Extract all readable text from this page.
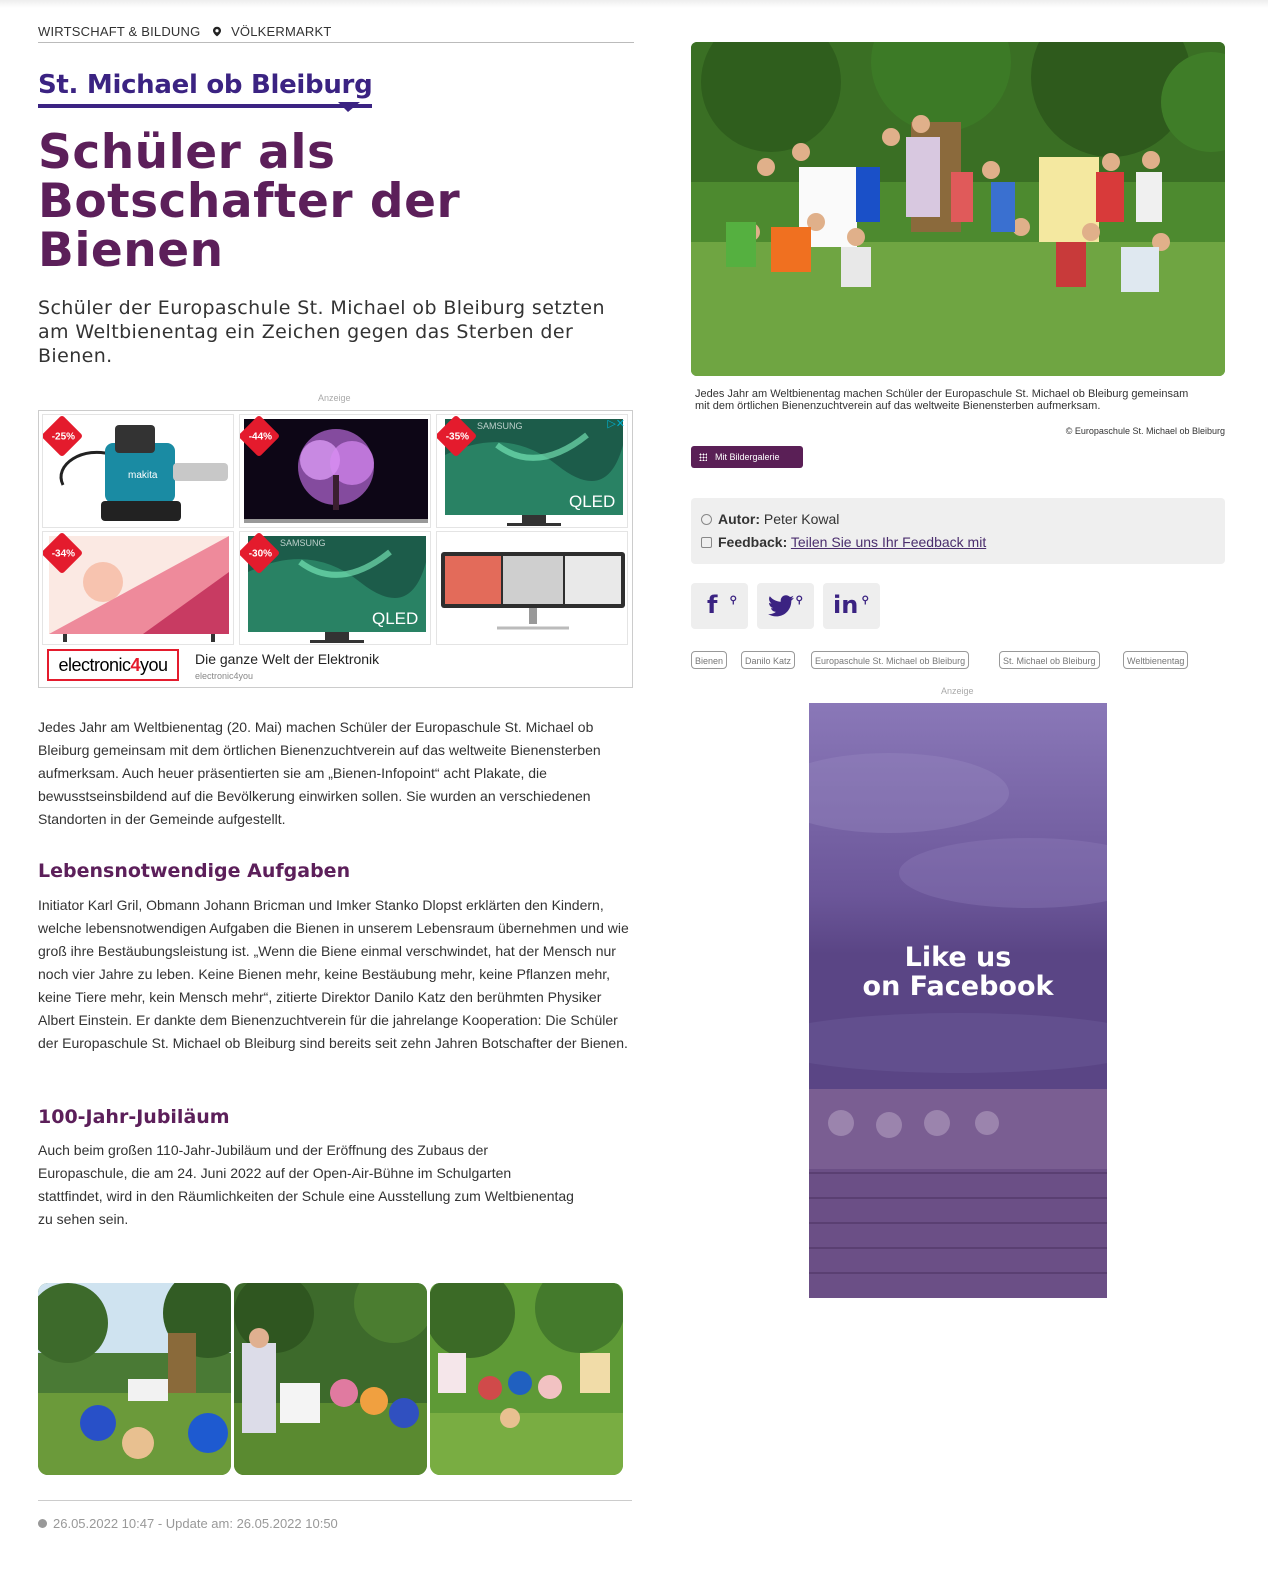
WIRTSCHAFT & BILDUNG VÖLKERMARKT
St. Michael ob Bleiburg
Schüler als Botschafter der Bienen

Schüler der Europaschule St. Michael ob Bleiburg setzten am Weltbienentag ein Zeichen gegen das Sterben der Bienen.

Anzeige
makita
-25%	-44%
QLED
SAMSUNG
-35%
▷✕
-34%
QLED
SAMSUNG
-30%
electronic4you	Die ganze Welt der Elektronik
electronic4you

Jedes Jahr am Weltbienentag (20. Mai) machen Schüler der Europaschule St. Michael ob Bleiburg gemeinsam mit dem örtlichen Bienenzuchtverein auf das weltweite Bienensterben aufmerksam. Auch heuer präsentierten sie am „Bienen-Infopoint“ acht Plakate, die bewusstseinsbildend auf die Bevölkerung einwirken sollen. Sie wurden an verschiedenen Standorten in der Gemeinde aufgestellt.

Lebensnotwendige Aufgaben

Initiator Karl Gril, Obmann Johann Bricman und Imker Stanko Dlopst erklärten den Kindern, welche lebensnotwendigen Aufgaben die Bienen in unserem Lebensraum übernehmen und wie groß ihre Bestäubungsleistung ist. „Wenn die Biene einmal verschwindet, hat der Mensch nur noch vier Jahre zu leben. Keine Bienen mehr, keine Bestäubung mehr, keine Pflanzen mehr, keine Tiere mehr, kein Mensch mehr“, zitierte Direktor Danilo Katz den berühmten Physiker Albert Einstein. Er dankte dem Bienenzuchtverein für die jahrelange Kooperation: Die Schüler der Europaschule St. Michael ob Bleiburg sind bereits seit zehn Jahren Botschafter der Bienen.

100-Jahr-Jubiläum

Auch beim großen 110-Jahr-Jubiläum und der Eröffnung des Zubaus der Europaschule, die am 24. Juni 2022 auf der Open-Air-Bühne im Schulgarten stattfindet, wird in den Räumlichkeiten der Schule eine Ausstellung zum Weltbienentag zu sehen sein.

26.05.2022 10:47 - Update am: 26.05.2022 10:50

Jedes Jahr am Weltbienentag machen Schüler der Europaschule St. Michael ob Bleiburg gemeinsam mit dem örtlichen Bienenzuchtverein auf das weltweite Bienensterben aufmerksam.

© Europaschule St. Michael ob Bleiburg
Mit Bildergalerie
Autor: Peter Kowal
Feedback: Teilen Sie uns Ihr Feedback mit
f ⚲	⚲ in ⚲
Bienen	Danilo Katz	Europaschule St. Michael ob Bleiburg	St. Michael ob Bleiburg	Weltbienentag
Anzeige
Like us
on Facebook
